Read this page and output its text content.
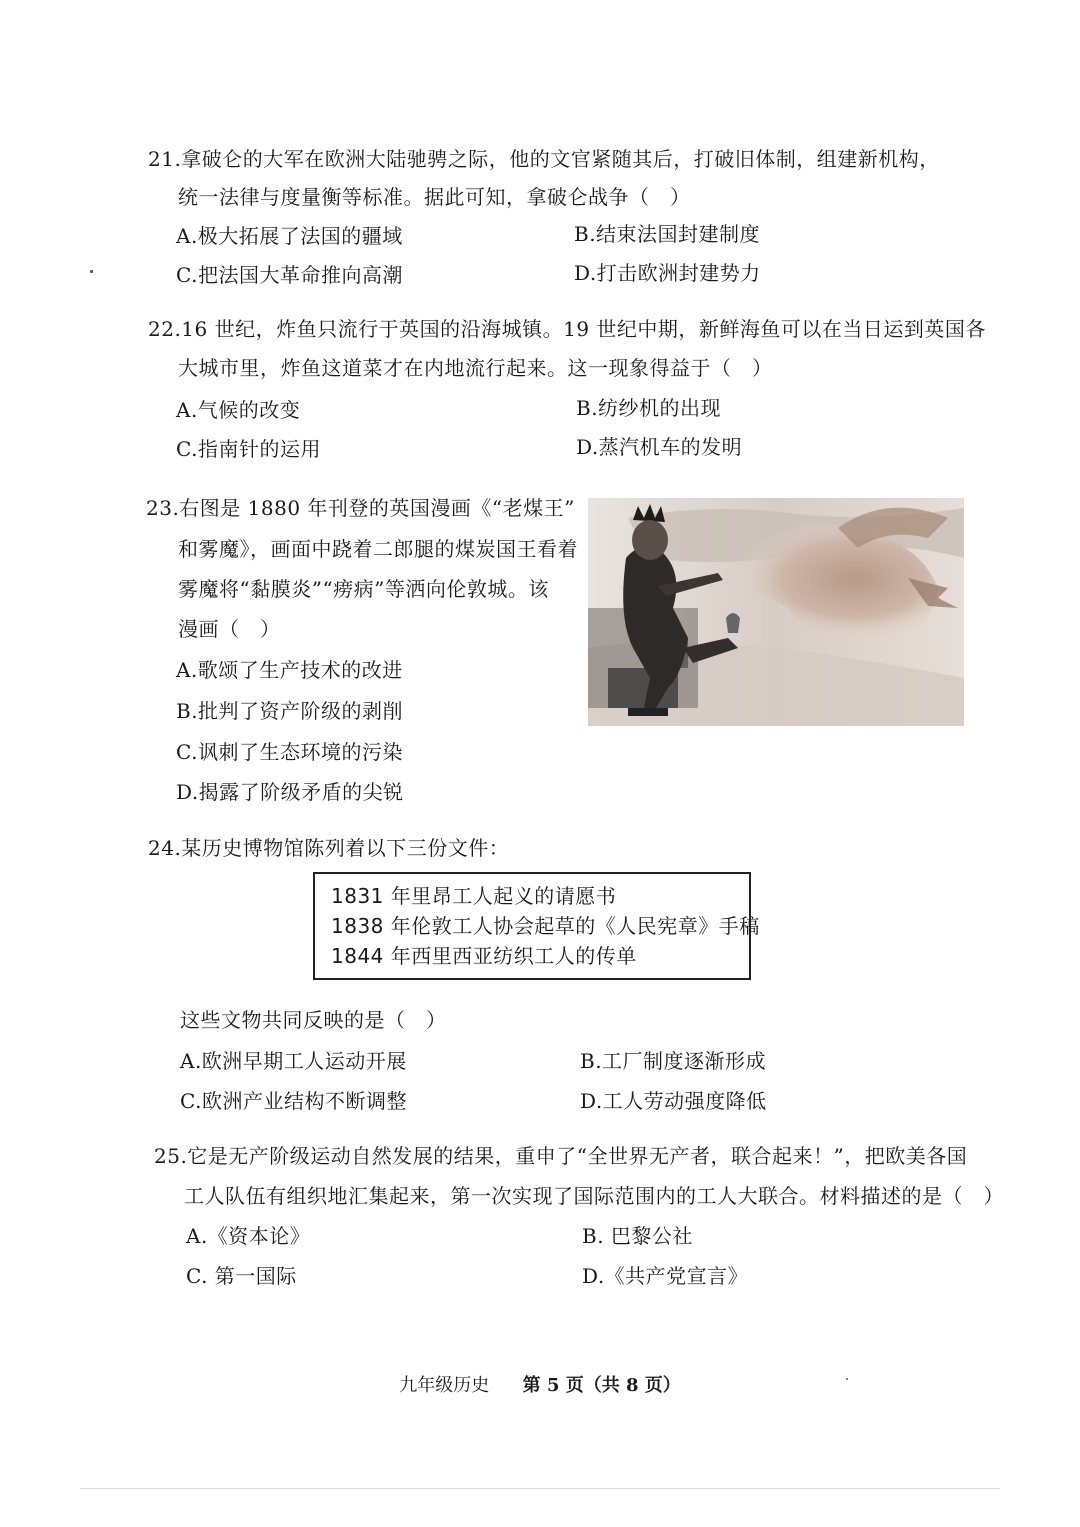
21.拿破仑的大军在欧洲大陆驰骋之际，他的文官紧随其后，打破旧体制，组建新机构，
统一法律与度量衡等标准。据此可知，拿破仑战争（　）
A.极大拓展了法国的疆域	B.结束法国封建制度
C.把法国大革命推向高潮	D.打击欧洲封建势力
22.16 世纪，炸鱼只流行于英国的沿海城镇。19 世纪中期，新鲜海鱼可以在当日运到英国各
大城市里，炸鱼这道菜才在内地流行起来。这一现象得益于（　）
A.气候的改变	B.纺纱机的出现
C.指南针的运用	D.蒸汽机车的发明
23.右图是 1880 年刊登的英国漫画《“老煤王”
和雾魔》，画面中跷着二郎腿的煤炭国王看着
雾魔将“黏膜炎”“痨病”等洒向伦敦城。该
漫画（　）
A.歌颂了生产技术的改进
B.批判了资产阶级的剥削
C.讽刺了生态环境的污染
D.揭露了阶级矛盾的尖锐
24.某历史博物馆陈列着以下三份文件：
1831 年里昂工人起义的请愿书
1838 年伦敦工人协会起草的《人民宪章》手稿
1844 年西里西亚纺织工人的传单
这些文物共同反映的是（　）
A.欧洲早期工人运动开展	B.工厂制度逐渐形成
C.欧洲产业结构不断调整	D.工人劳动强度降低
25.它是无产阶级运动自然发展的结果，重申了“全世界无产者，联合起来！”，把欧美各国
工人队伍有组织地汇集起来，第一次实现了国际范围内的工人大联合。材料描述的是（　）
A.《资本论》	B. 巴黎公社
C. 第一国际	D.《共产党宣言》
九年级历史 第 5 页（共 8 页）
